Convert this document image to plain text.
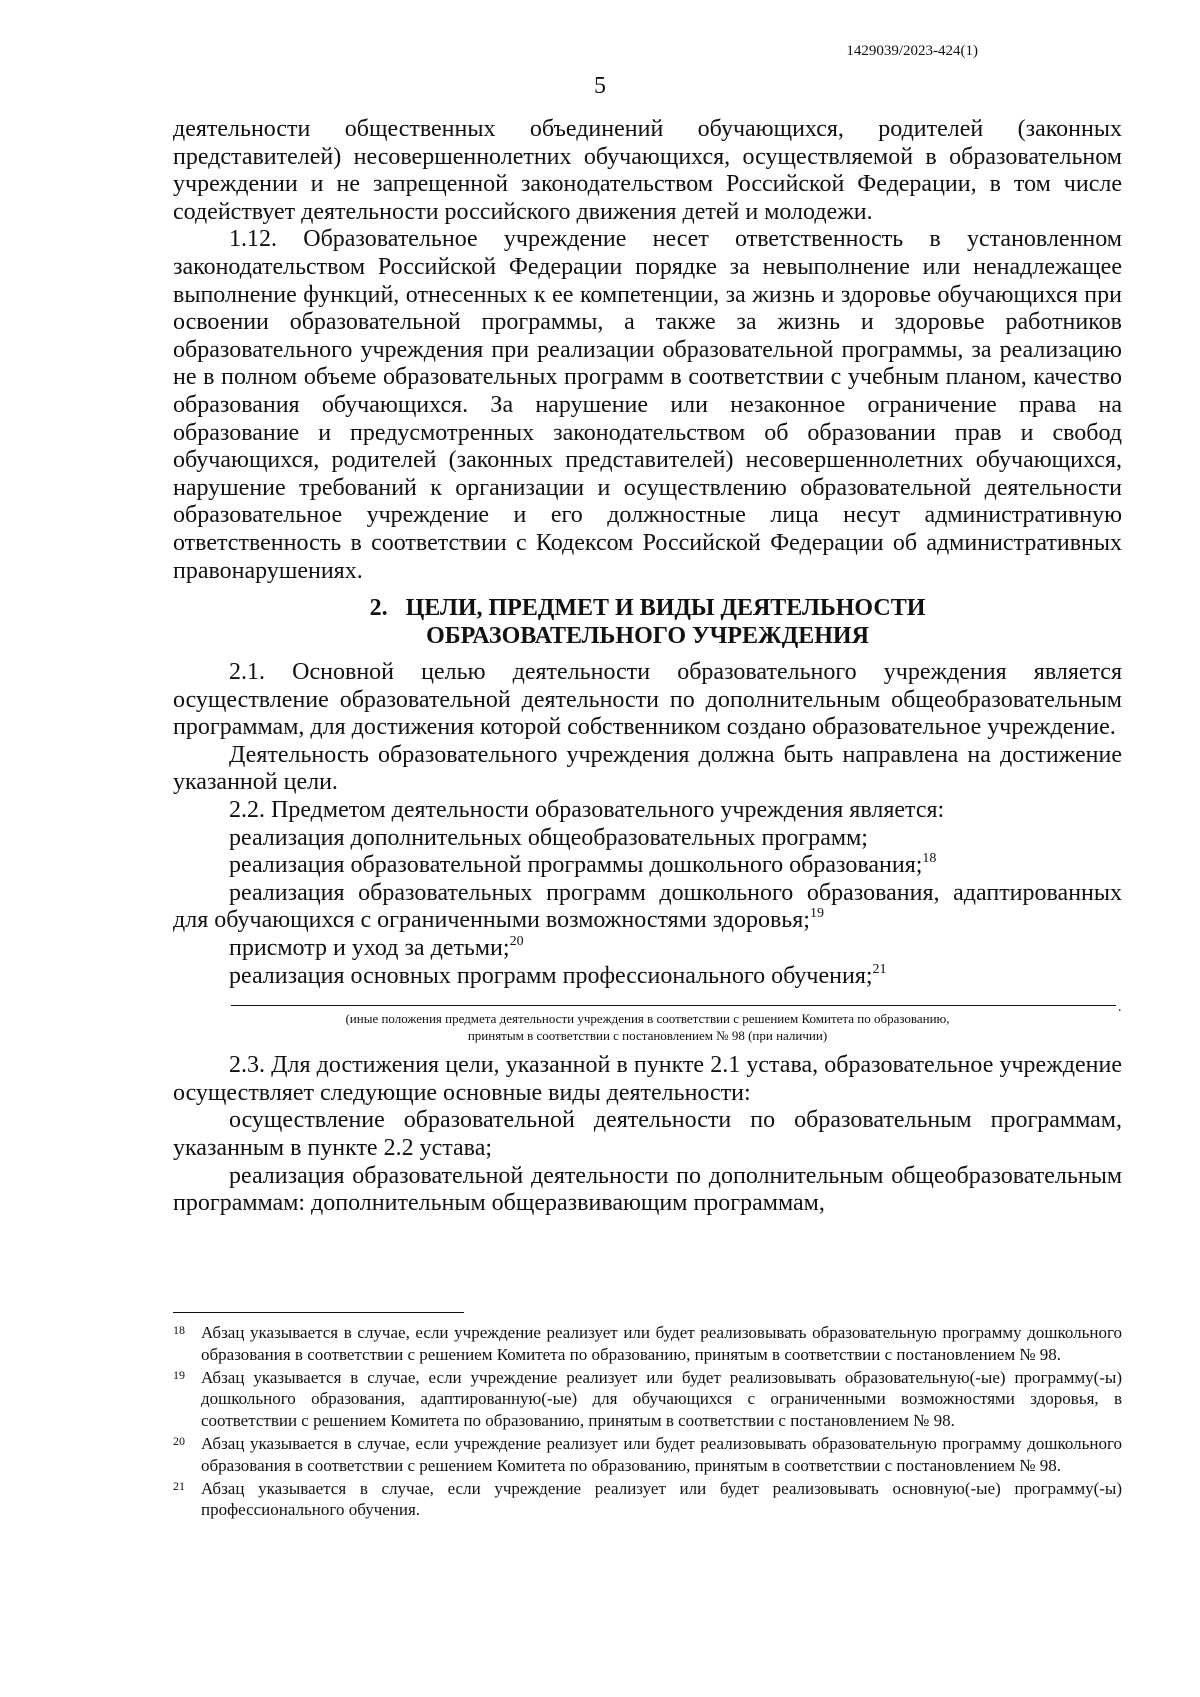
1429039/2023-424(1)
5

деятельности общественных объединений обучающихся, родителей (законных представителей) несовершеннолетних обучающихся, осуществляемой в образовательном учреждении и не запрещенной законодательством Российской Федерации, в том числе содействует деятельности российского движения детей и молодежи.

1.12. Образовательное учреждение несет ответственность в установленном законодательством Российской Федерации порядке за невыполнение или ненадлежащее выполнение функций, отнесенных к ее компетенции, за жизнь и здоровье обучающихся при освоении образовательной программы, а также за жизнь и здоровье работников образовательного учреждения при реализации образовательной программы, за реализацию не в полном объеме образовательных программ в соответствии с учебным планом, качество образования обучающихся. За нарушение или незаконное ограничение права на образование и предусмотренных законодательством об образовании прав и свобод обучающихся, родителей (законных представителей) несовершеннолетних обучающихся, нарушение требований к организации и осуществлению образовательной деятельности образовательное учреждение и его должностные лица несут административную ответственность в соответствии с Кодексом Российской Федерации об административных правонарушениях.

2. ЦЕЛИ, ПРЕДМЕТ И ВИДЫ ДЕЯТЕЛЬНОСТИ
ОБРАЗОВАТЕЛЬНОГО УЧРЕЖДЕНИЯ

2.1. Основной целью деятельности образовательного учреждения является осуществление образовательной деятельности по дополнительным общеобразовательным программам, для достижения которой собственником создано образовательное учреждение.

Деятельность образовательного учреждения должна быть направлена на достижение указанной цели.

2.2. Предметом деятельности образовательного учреждения является:

реализация дополнительных общеобразовательных программ;

реализация образовательной программы дошкольного образования;$^{18}$

реализация образовательных программ дошкольного образования, адаптированных для обучающихся с ограниченными возможностями здоровья;$^{19}$

присмотр и уход за детьми;$^{20}$

реализация основных программ профессионального обучения;$^{21}$

.
(иные положения предмета деятельности учреждения в соответствии с решением Комитета по образованию,
принятым в соответствии с постановлением № 98 (при наличии)

2.3. Для достижения цели, указанной в пункте 2.1 устава, образовательное учреждение осуществляет следующие основные виды деятельности:

осуществление образовательной деятельности по образовательным программам, указанным в пункте 2.2 устава;

реализация образовательной деятельности по дополнительным общеобразовательным программам: дополнительным общеразвивающим программам,

18 Абзац указывается в случае, если учреждение реализует или будет реализовывать образовательную программу дошкольного образования в соответствии с решением Комитета по образованию, принятым в соответствии с постановлением № 98.
19 Абзац указывается в случае, если учреждение реализует или будет реализовывать образовательную(-ые) программу(-ы) дошкольного образования, адаптированную(-ые) для обучающихся с ограниченными возможностями здоровья, в соответствии с решением Комитета по образованию, принятым в соответствии с постановлением № 98.
20 Абзац указывается в случае, если учреждение реализует или будет реализовывать образовательную программу дошкольного образования в соответствии с решением Комитета по образованию, принятым в соответствии с постановлением № 98.
21 Абзац указывается в случае, если учреждение реализует или будет реализовывать основную(-ые) программу(-ы) профессионального обучения.
